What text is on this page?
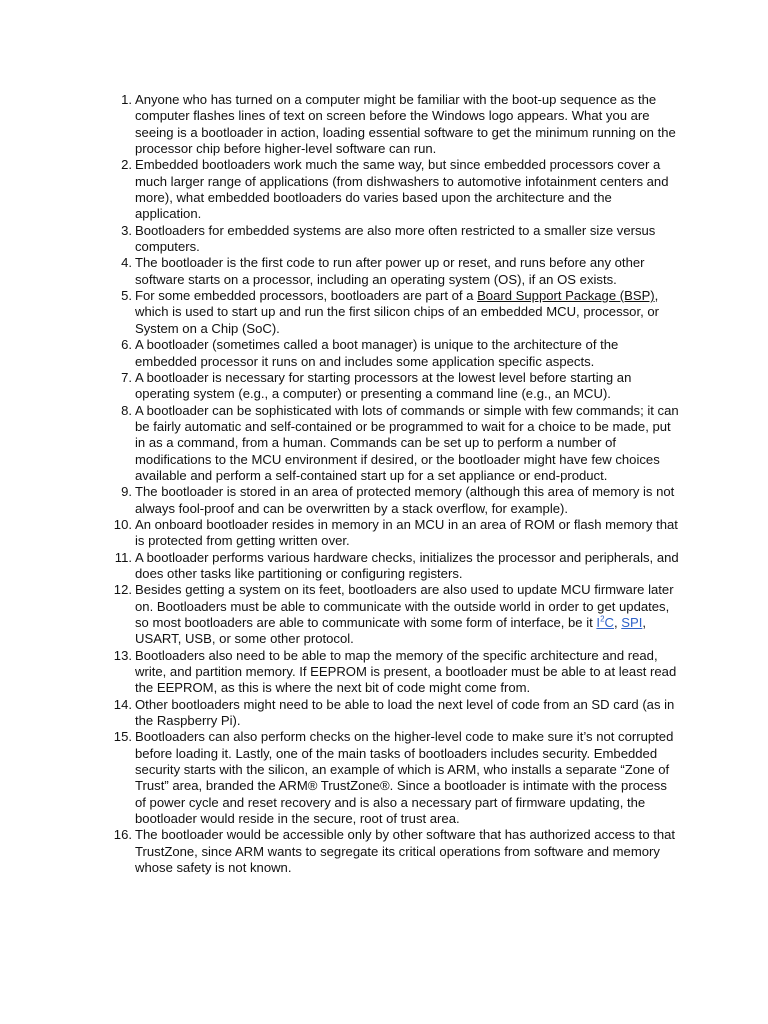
1. Anyone who has turned on a computer might be familiar with the boot-up sequence as the computer flashes lines of text on screen before the Windows logo appears. What you are seeing is a bootloader in action, loading essential software to get the minimum running on the processor chip before higher-level software can run.
2. Embedded bootloaders work much the same way, but since embedded processors cover a much larger range of applications (from dishwashers to automotive infotainment centers and more), what embedded bootloaders do varies based upon the architecture and the application.
3. Bootloaders for embedded systems are also more often restricted to a smaller size versus computers.
4. The bootloader is the first code to run after power up or reset, and runs before any other software starts on a processor, including an operating system (OS), if an OS exists.
5. For some embedded processors, bootloaders are part of a Board Support Package (BSP), which is used to start up and run the first silicon chips of an embedded MCU, processor, or System on a Chip (SoC).
6. A bootloader (sometimes called a boot manager) is unique to the architecture of the embedded processor it runs on and includes some application specific aspects.
7. A bootloader is necessary for starting processors at the lowest level before starting an operating system (e.g., a computer) or presenting a command line (e.g., an MCU).
8. A bootloader can be sophisticated with lots of commands or simple with few commands; it can be fairly automatic and self-contained or be programmed to wait for a choice to be made, put in as a command, from a human. Commands can be set up to perform a number of modifications to the MCU environment if desired, or the bootloader might have few choices available and perform a self-contained start up for a set appliance or end-product.
9. The bootloader is stored in an area of protected memory (although this area of memory is not always fool-proof and can be overwritten by a stack overflow, for example).
10. An onboard bootloader resides in memory in an MCU in an area of ROM or flash memory that is protected from getting written over.
11. A bootloader performs various hardware checks, initializes the processor and peripherals, and does other tasks like partitioning or configuring registers.
12. Besides getting a system on its feet, bootloaders are also used to update MCU firmware later on. Bootloaders must be able to communicate with the outside world in order to get updates, so most bootloaders are able to communicate with some form of interface, be it I$^2$C, SPI, USART, USB, or some other protocol.
13. Bootloaders also need to be able to map the memory of the specific architecture and read, write, and partition memory. If EEPROM is present, a bootloader must be able to at least read the EEPROM, as this is where the next bit of code might come from.
14. Other bootloaders might need to be able to load the next level of code from an SD card (as in the Raspberry Pi).
15. Bootloaders can also perform checks on the higher-level code to make sure it’s not corrupted before loading it. Lastly, one of the main tasks of bootloaders includes security. Embedded security starts with the silicon, an example of which is ARM, who installs a separate “Zone of Trust” area, branded the ARM® TrustZone®. Since a bootloader is intimate with the process of power cycle and reset recovery and is also a necessary part of firmware updating, the bootloader would reside in the secure, root of trust area.
16. The bootloader would be accessible only by other software that has authorized access to that TrustZone, since ARM wants to segregate its critical operations from software and memory whose safety is not known.
